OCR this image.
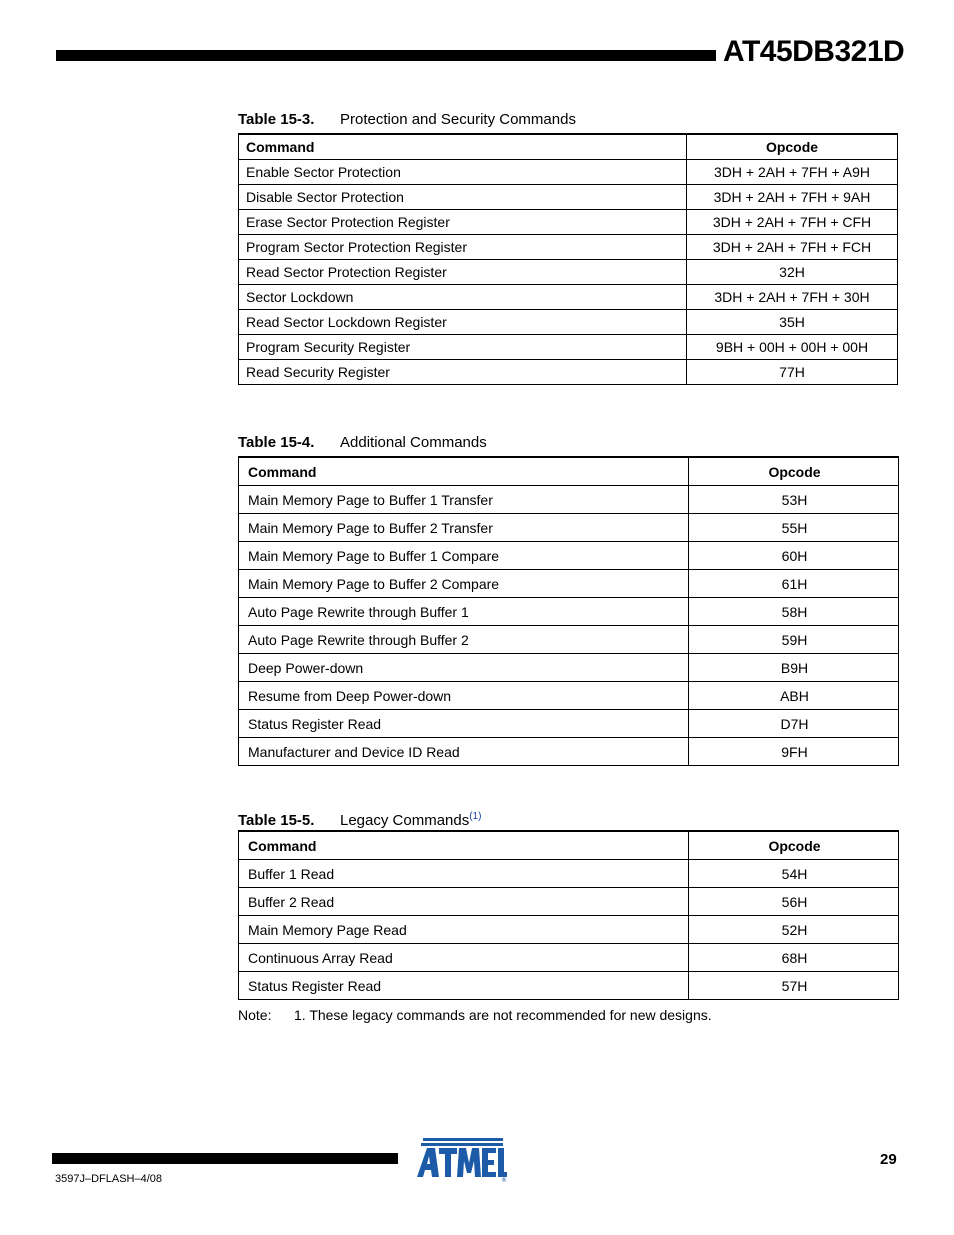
AT45DB321D
Table 15-3. Protection and Security Commands
Command	Opcode
Enable Sector Protection	3DH + 2AH + 7FH + A9H
Disable Sector Protection	3DH + 2AH + 7FH + 9AH
Erase Sector Protection Register	3DH + 2AH + 7FH + CFH
Program Sector Protection Register	3DH + 2AH + 7FH + FCH
Read Sector Protection Register	32H
Sector Lockdown	3DH + 2AH + 7FH + 30H
Read Sector Lockdown Register	35H
Program Security Register	9BH + 00H + 00H + 00H
Read Security Register	77H
Table 15-4. Additional Commands
Command	Opcode
Main Memory Page to Buffer 1 Transfer	53H
Main Memory Page to Buffer 2 Transfer	55H
Main Memory Page to Buffer 1 Compare	60H
Main Memory Page to Buffer 2 Compare	61H
Auto Page Rewrite through Buffer 1	58H
Auto Page Rewrite through Buffer 2	59H
Deep Power-down	B9H
Resume from Deep Power-down	ABH
Status Register Read	D7H
Manufacturer and Device ID Read	9FH
Table 15-5. Legacy Commands$^{(1)}$
Command	Opcode
Buffer 1 Read	54H
Buffer 2 Read	56H
Main Memory Page Read	52H
Continuous Array Read	68H
Status Register Read	57H
Note: 1. These legacy commands are not recommended for new designs.
3597J–DFLASH–4/08
29
®
